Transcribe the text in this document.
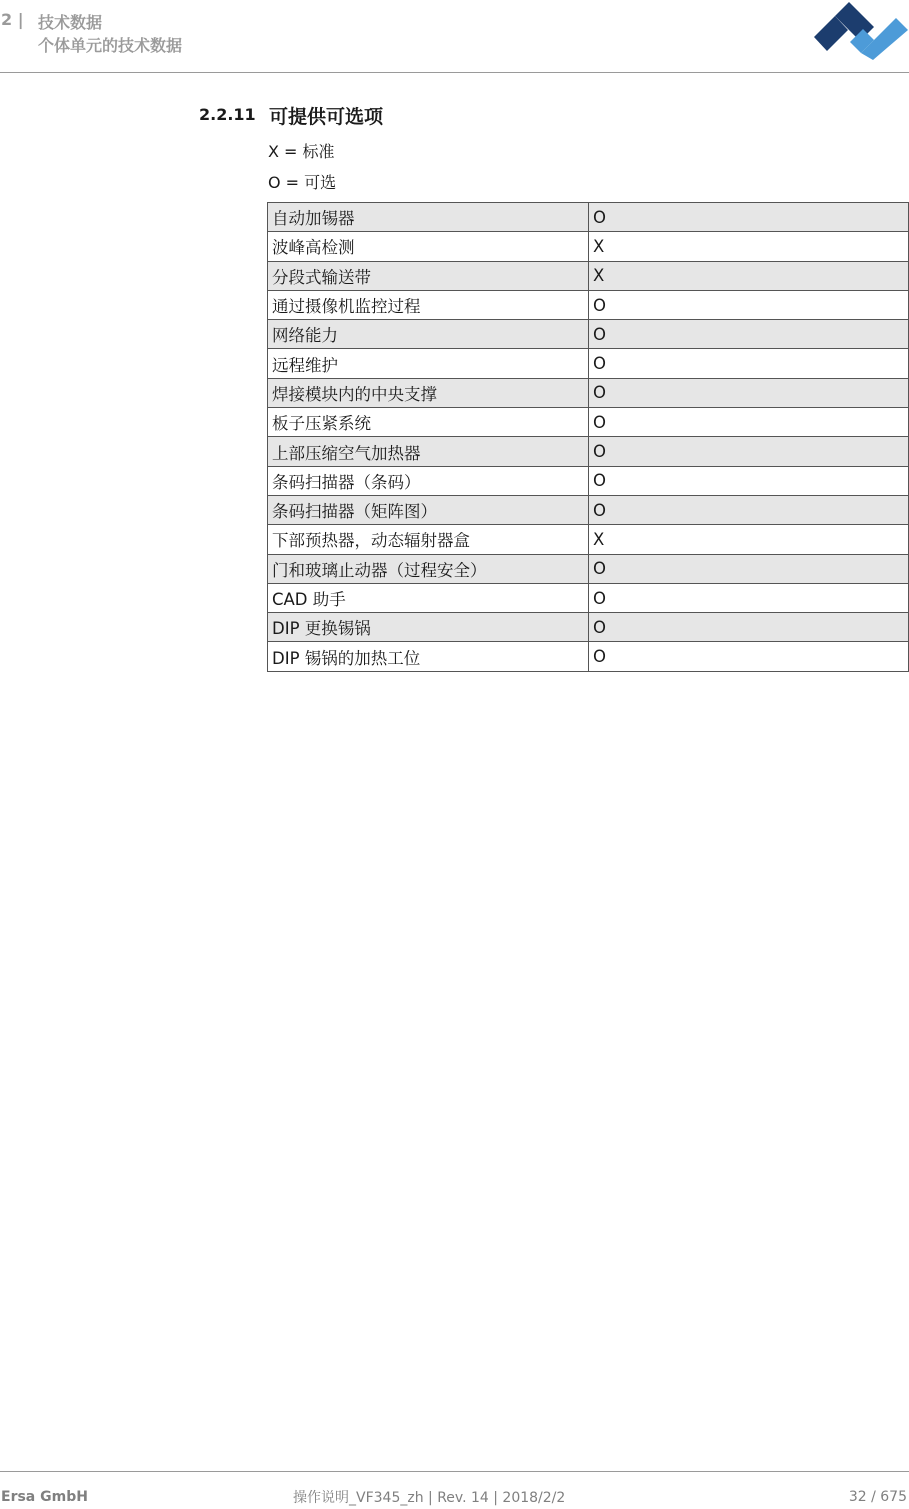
2 | 技术数据
个体单元的技术数据
2.2.11 可提供可选项
X = 标准
O = 可选
自动加锡器	O
波峰高检测	X
分段式输送带	X
通过摄像机监控过程	O
网络能力	O
远程维护	O
焊接模块内的中央支撑	O
板子压紧系统	O
上部压缩空气加热器	O
条码扫描器（条码）	O
条码扫描器（矩阵图）	O
下部预热器，动态辐射器盒	X
门和玻璃止动器（过程安全）	O
CAD 助手	O
DIP 更换锡锅	O
DIP 锡锅的加热工位	O
Ersa GmbH	操作说明_VF345_zh | Rev. 14 | 2018/2/2	32 / 675
